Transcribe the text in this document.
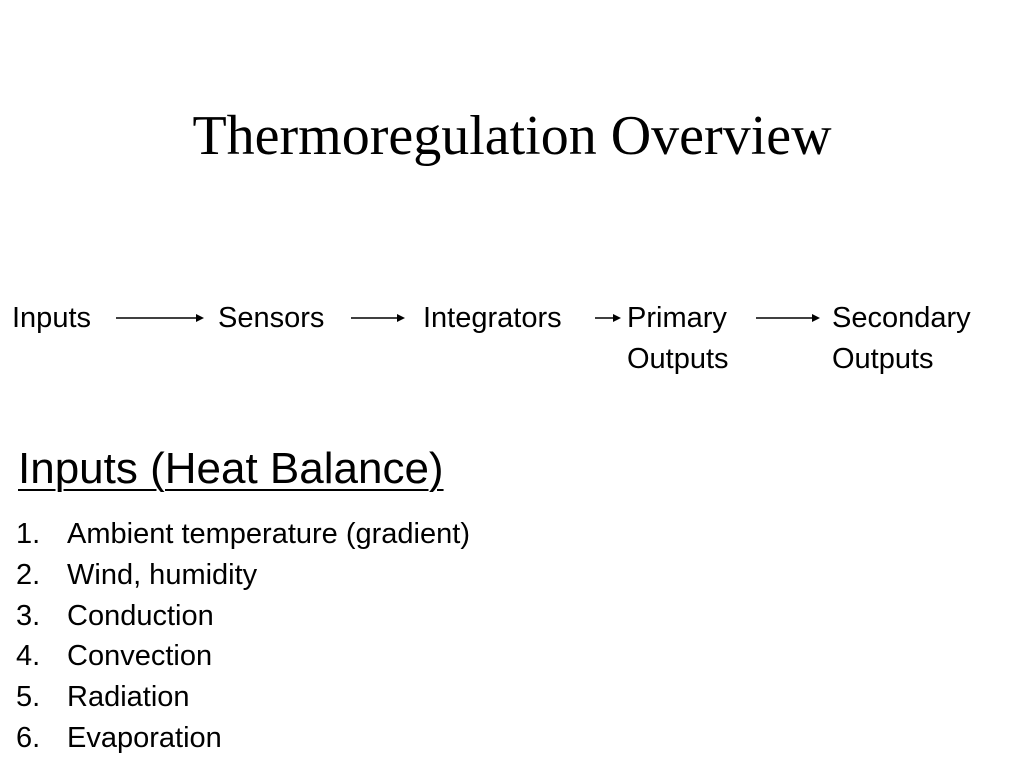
Thermoregulation Overview
Inputs	Sensors	Integrators Primary
Outputs
Secondary
Outputs
Inputs (Heat Balance)
1. Ambient temperature (gradient)
2. Wind, humidity
3. Conduction
4. Convection
5. Radiation
6. Evaporation
